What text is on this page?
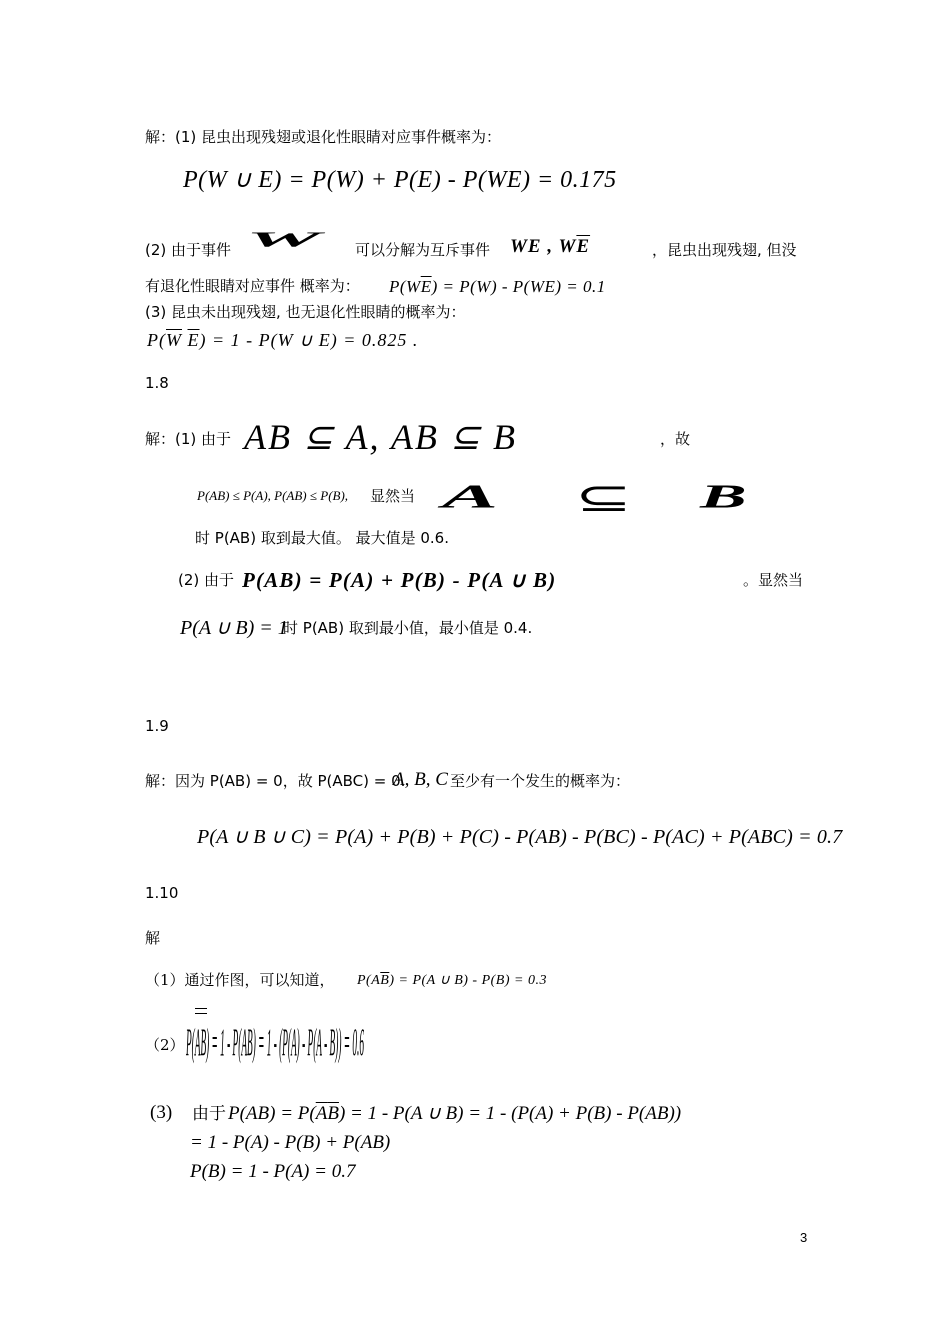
解：(1) 昆虫出现残翅或退化性眼睛对应事件概率为：
P(W ∪ E) = P(W) + P(E) - P(WE) = 0.175
(2) 由于事件 W 可以分解为互斥事件 WE , $W\overline{E}$	，昆虫出现残翅, 但没
有退化性眼睛对应事件 概率为： $P(W\overline{E}) = P(W) - P(WE) = 0.1$
(3) 昆虫未出现残翅, 也无退化性眼睛的概率为：
$P(\overline{W}$ $\overline{E}) = 1 - P(W$ ∪ E) = 0.825 .
1.8
解：(1) 由于 AB ⊆ A, AB ⊆ B	，故
P(AB) ≤ P(A), P(AB) ≤ P(B), 显然当 A ⊆ B
时 P(AB) 取到最大值。 最大值是 0.6.
(2) 由于 P(AB) = P(A) + P(B) - P(A ∪ B)	。显然当
P(A ∪ B) = 1
时 P(AB) 取到最小值，最小值是 0.4.
1.9
解：因为 P(AB) = 0，故 P(ABC) = 0.
A, B, C 至少有一个发生的概率为：
P(A ∪ B ∪ C) = P(A) + P(B) + P(C) - P(AB) - P(BC) - P(AC) + P(ABC) = 0.7
1.10
解
（1）通过作图，可以知道， $P(A\overline{B}) = P(A$ ∪ B) - P(B) = 0.3
（2） P(AB) = 1 - P(AB) = 1 - (P(A) - P(A - B)) = 0.6
(3) 由于 $P(AB) = P(\overline{A}\overline{B}) = 1 - P(A$ ∪ B) = 1 - (P(A) + P(B) - P(AB))
= 1 - P(A) - P(B) + P(AB)
P(B) = 1 - P(A) = 0.7
3
